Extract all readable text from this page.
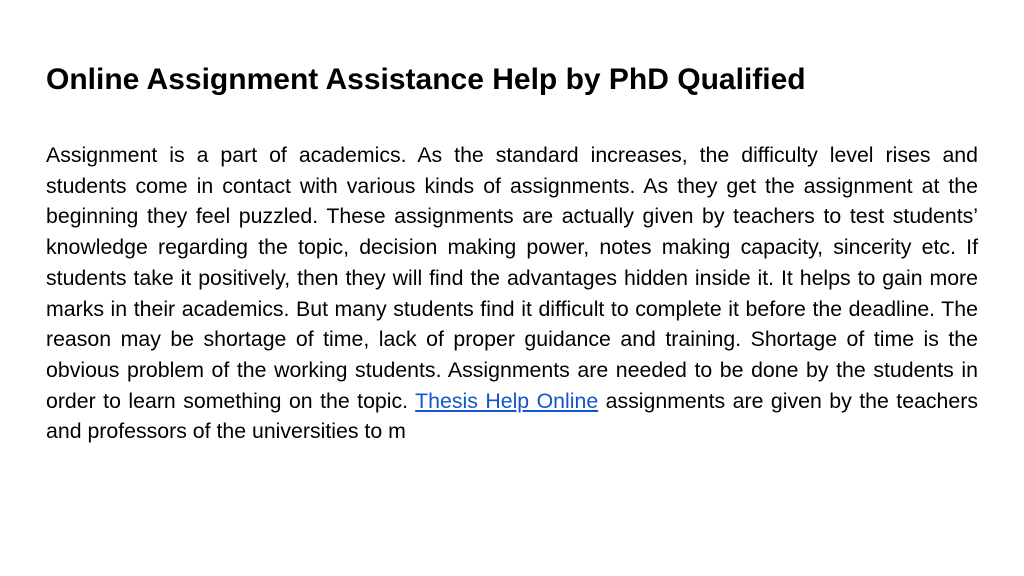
Online Assignment Assistance Help by PhD Qualified

Assignment is a part of academics. As the standard increases, the difficulty level rises and students come in contact with various kinds of assignments. As they get the assignment at the beginning they feel puzzled. These assignments are actually given by teachers to test students’ knowledge regarding the topic, decision making power, notes making capacity, sincerity etc. If students take it positively, then they will find the advantages hidden inside it. It helps to gain more marks in their academics. But many students find it difficult to complete it before the deadline. The reason may be shortage of time, lack of proper guidance and training. Shortage of time is the obvious problem of the working students. Assignments are needed to be done by the students in order to learn something on the topic. Thesis Help Online assignments are given by the teachers and professors of the universities to m
